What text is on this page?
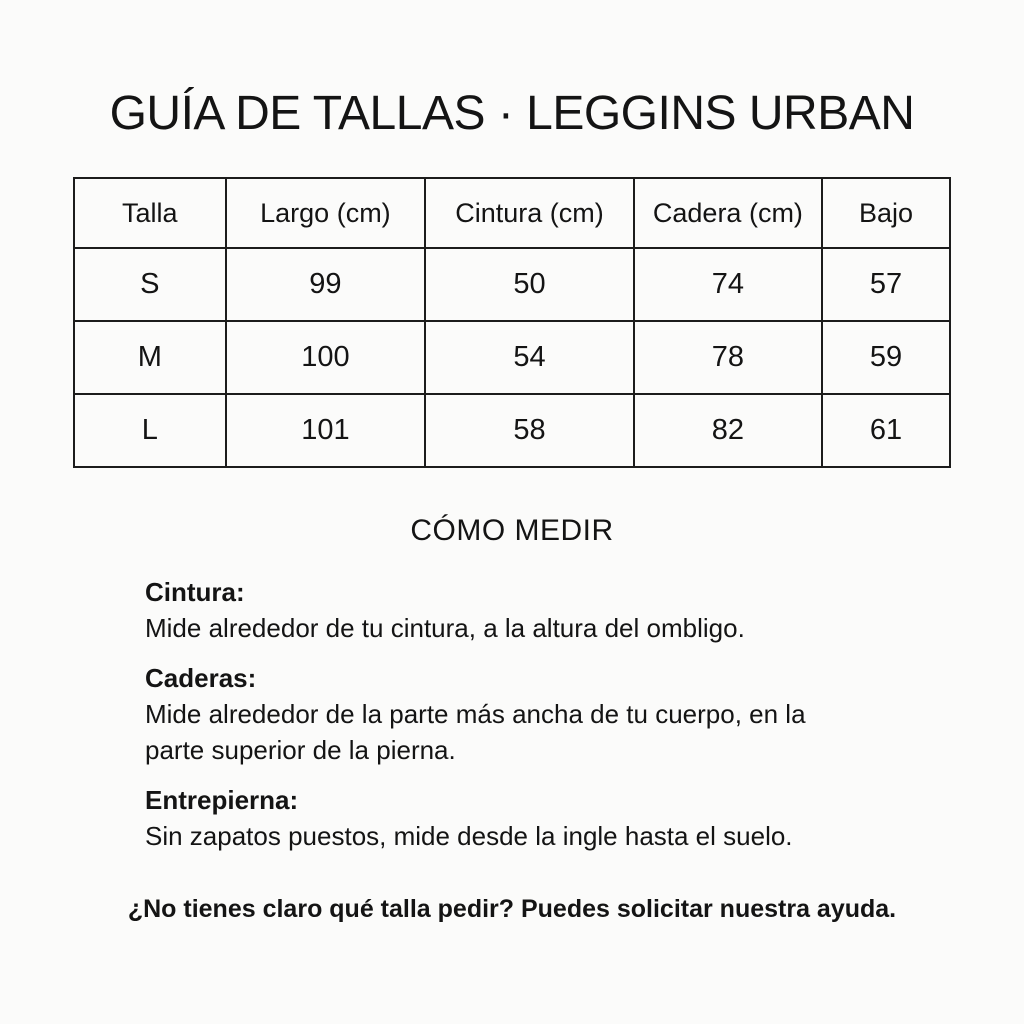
GUÍA DE TALLAS · LEGGINS URBAN
Talla	Largo (cm)	Cintura (cm)	Cadera (cm)	Bajo
S	99	50	74	57
M	100	54	78	59
L	101	58	82	61
CÓMO MEDIR
Cintura:

Mide alrededor de tu cintura, a la altura del ombligo.

Caderas:

Mide alrededor de la parte más ancha de tu cuerpo, en la parte superior de la pierna.

Entrepierna:

Sin zapatos puestos, mide desde la ingle hasta el suelo.

¿No tienes claro qué talla pedir? Puedes solicitar nuestra ayuda.
